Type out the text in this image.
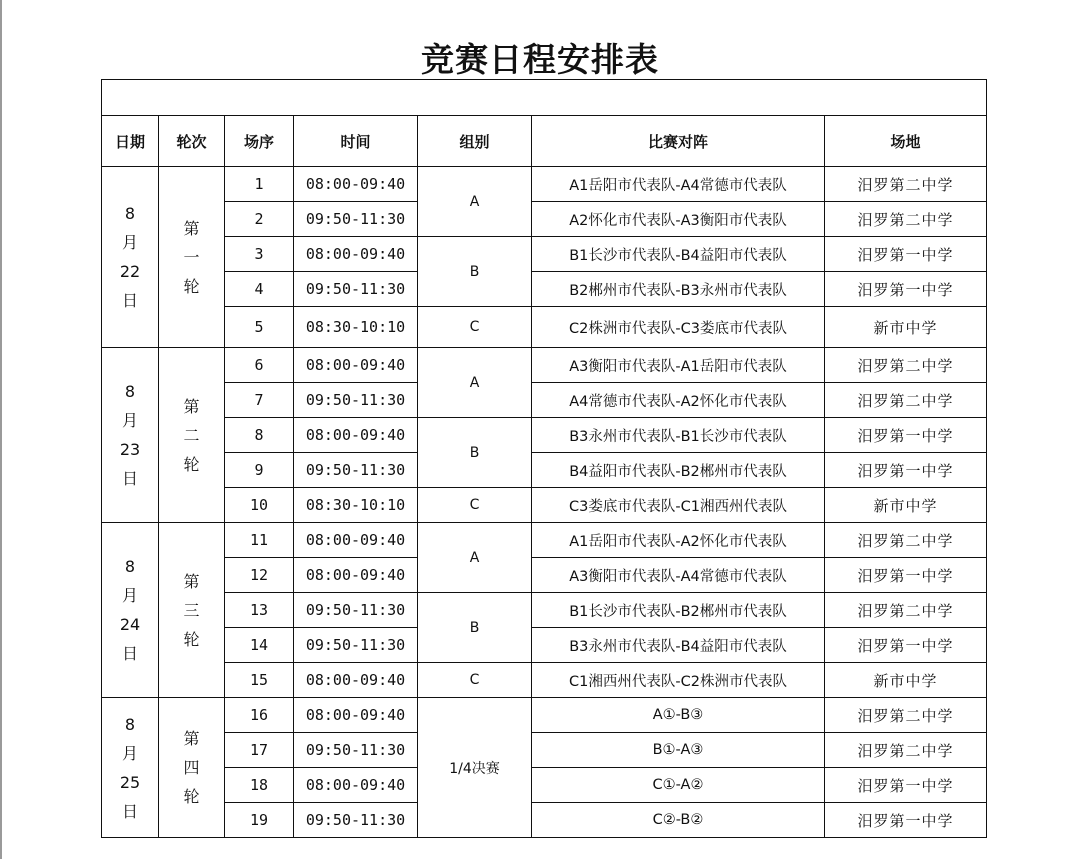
竞赛日程安排表

日期	轮次	场序	时间	组别	比赛对阵	场地

8
月
22
日	第
一
轮	1	08:00-09:40	A	A1岳阳市代表队-A4常德市代表队	汨罗第二中学
		2	09:50-11:30		A2怀化市代表队-A3衡阳市代表队	汨罗第二中学
		3	08:00-09:40	B	B1长沙市代表队-B4益阳市代表队	汨罗第一中学
		4	09:50-11:30		B2郴州市代表队-B3永州市代表队	汨罗第一中学
		5	08:30-10:10	C	C2株洲市代表队-C3娄底市代表队	新市中学

8
月
23
日	第
二
轮	6	08:00-09:40	A	A3衡阳市代表队-A1岳阳市代表队	汨罗第二中学
		7	09:50-11:30		A4常德市代表队-A2怀化市代表队	汨罗第二中学
		8	08:00-09:40	B	B3永州市代表队-B1长沙市代表队	汨罗第一中学
		9	09:50-11:30		B4益阳市代表队-B2郴州市代表队	汨罗第一中学
		10	08:30-10:10	C	C3娄底市代表队-C1湘西州代表队	新市中学

8
月
24
日	第
三
轮	11	08:00-09:40	A	A1岳阳市代表队-A2怀化市代表队	汨罗第二中学
		12	08:00-09:40		A3衡阳市代表队-A4常德市代表队	汨罗第一中学
		13	09:50-11:30	B	B1长沙市代表队-B2郴州市代表队	汨罗第二中学
		14	09:50-11:30		B3永州市代表队-B4益阳市代表队	汨罗第一中学
		15	08:00-09:40	C	C1湘西州代表队-C2株洲市代表队	新市中学

8
月
25
日	第
四
轮	16	08:00-09:40	1/4决赛	A①-B③	汨罗第二中学
		17	09:50-11:30		B①-A③	汨罗第二中学
		18	08:00-09:40		C①-A②	汨罗第一中学
		19	09:50-11:30		C②-B②	汨罗第一中学
